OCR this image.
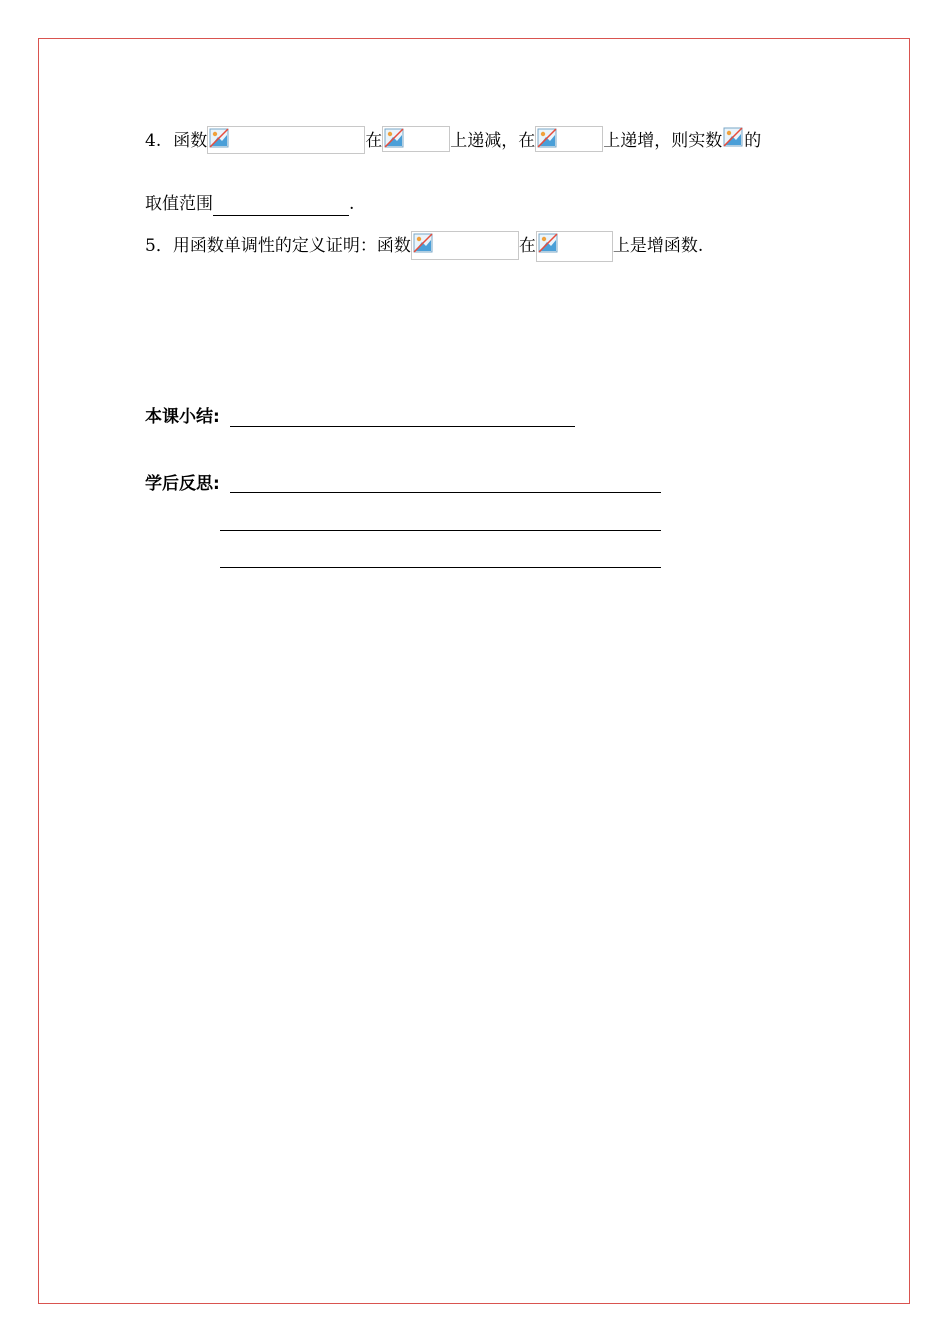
4. 函数	在	上递减，在	上递增，则实数 的
取值范围	.
5．用函数单调性的定义证明：函数	在	上是增函数.
本课小结:
学后反思:
